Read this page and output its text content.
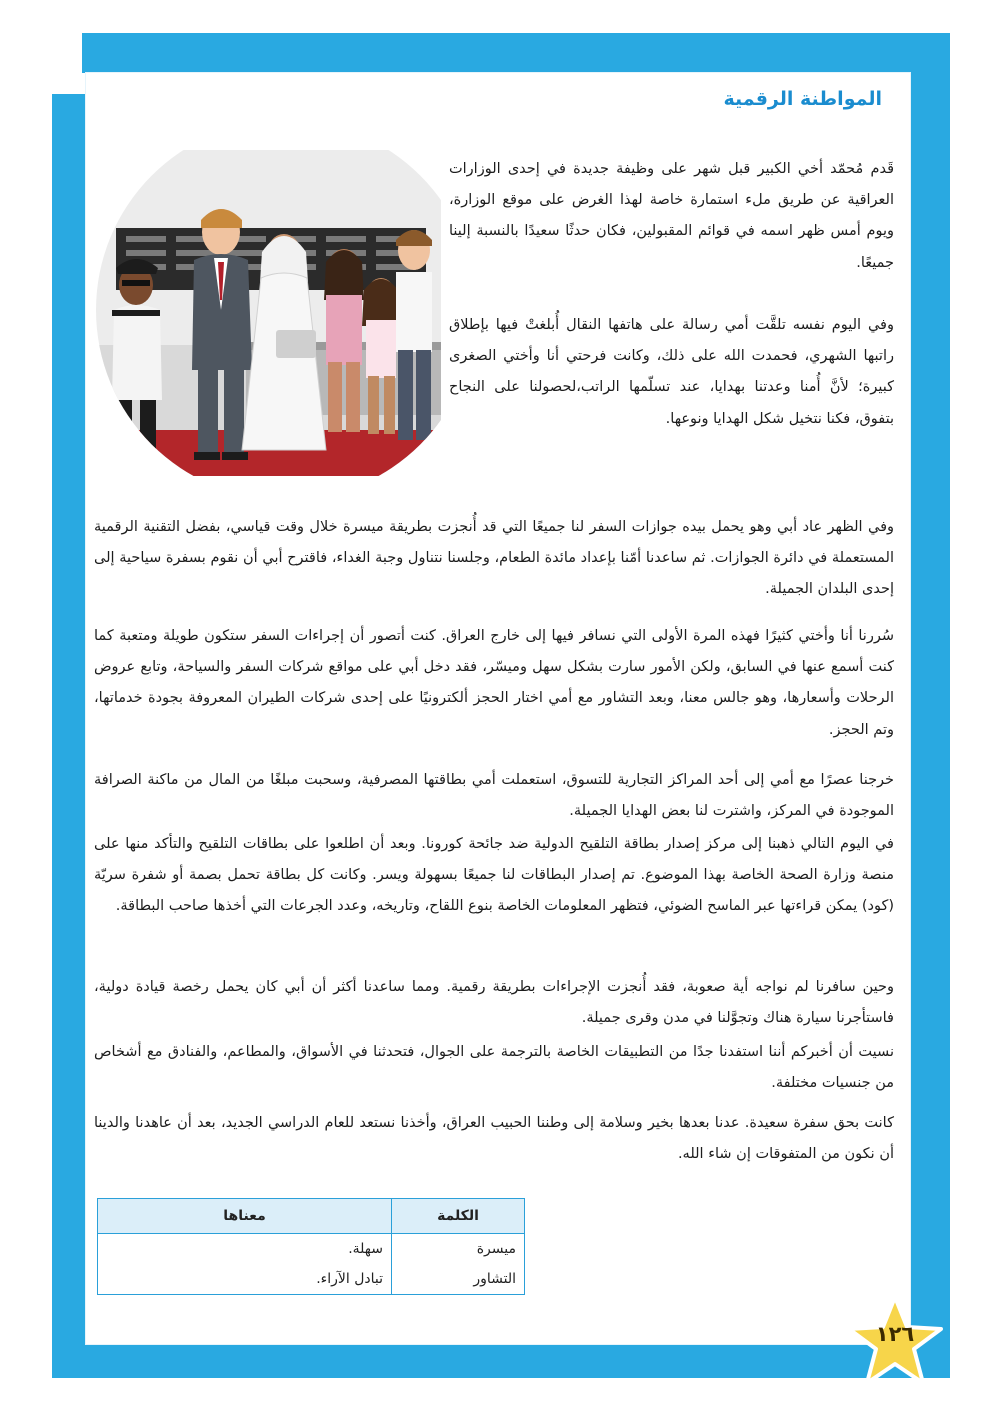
المواطنة الرقمية

قَدم مُحمّد أخي الكبير قبل شهر على وظيفة جديدة في إحدى الوزارات العراقية عن طريق ملء استمارة خاصة لهذا الغرض على موقع الوزارة، ويوم أمس ظهر اسمه في قوائم المقبولين، فكان حدثًا سعيدًا بالنسبة إلينا جميعًا.

وفي اليوم نفسه تلقَّت أمي رسالة على هاتفها النقال أُبلغتْ فيها بإطلاق راتبها الشهري، فحمدت الله على ذلك، وكانت فرحتي أنا وأختي الصغرى كبيرة؛ لأنَّ أُمنا وعدتنا بهدايا، عند تسلّمها الراتب،لحصولنا على النجاح بتفوق، فكنا نتخيل شكل الهدايا ونوعها.

وفي الظهر عاد أبي وهو يحمل بيده جوازات السفر لنا جميعًا التي قد أُنجزت بطريقة ميسرة خلال وقت قياسي، بفضل التقنية الرقمية المستعملة في دائرة الجوازات. ثم ساعدنا أمّنا بإعداد مائدة الطعام، وجلسنا نتناول وجبة الغداء، فاقترح أبي أن نقوم بسفرة سياحية إلى إحدى البلدان الجميلة.

سُررنا أنا وأختي كثيرًا فهذه المرة الأولى التي نسافر فيها إلى خارج العراق. كنت أتصور أن إجراءات السفر ستكون طويلة ومتعبة كما كنت أسمع عنها في السابق، ولكن الأمور سارت بشكل سهل وميسّر، فقد دخل أبي على مواقع شركات السفر والسياحة، وتابع عروض الرحلات وأسعارها، وهو جالس معنا، وبعد التشاور مع أمي اختار الحجز ألكترونيًا على إحدى شركات الطيران المعروفة بجودة خدماتها، وتم الحجز.

خرجنا عصرًا مع أمي إلى أحد المراكز التجارية للتسوق، استعملت أمي بطاقتها المصرفية، وسحبت مبلغًا من المال من ماكنة الصرافة الموجودة في المركز، واشترت لنا بعض الهدايا الجميلة.

في اليوم التالي ذهبنا إلى مركز إصدار بطاقة التلقيح الدولية ضد جائحة كورونا. وبعد أن اطلعوا على بطاقات التلقيح والتأكد منها على منصة وزارة الصحة الخاصة بهذا الموضوع. تم إصدار البطاقات لنا جميعًا بسهولة ويسر. وكانت كل بطاقة تحمل بصمة أو شفرة سريّة (كود) يمكن قراءتها عبر الماسح الضوئي، فتظهر المعلومات الخاصة بنوع اللقاح، وتاريخه، وعدد الجرعات التي أخذها صاحب البطاقة.

وحين سافرنا لم نواجه أية صعوبة، فقد أُنجزت الإجراءات بطريقة رقمية. ومما ساعدنا أكثر أن أبي كان يحمل رخصة قيادة دولية، فاستأجرنا سيارة هناك وتجوَّلنا في مدن وقرى جميلة.

نسيت أن أخبركم أننا استفدنا جدًا من التطبيقات الخاصة بالترجمة على الجوال، فتحدثنا في الأسواق، والمطاعم، والفنادق مع أشخاص من جنسيات مختلفة.

كانت بحق سفرة سعيدة. عدنا بعدها بخير وسلامة إلى وطننا الحبيب العراق، وأخذنا نستعد للعام الدراسي الجديد، بعد أن عاهدنا والدينا أن نكون من المتفوقات إن شاء الله.

الكلمة	معناها
ميسرة	سهلة.
التشاور	تبادل الآراء.
١٢٦
